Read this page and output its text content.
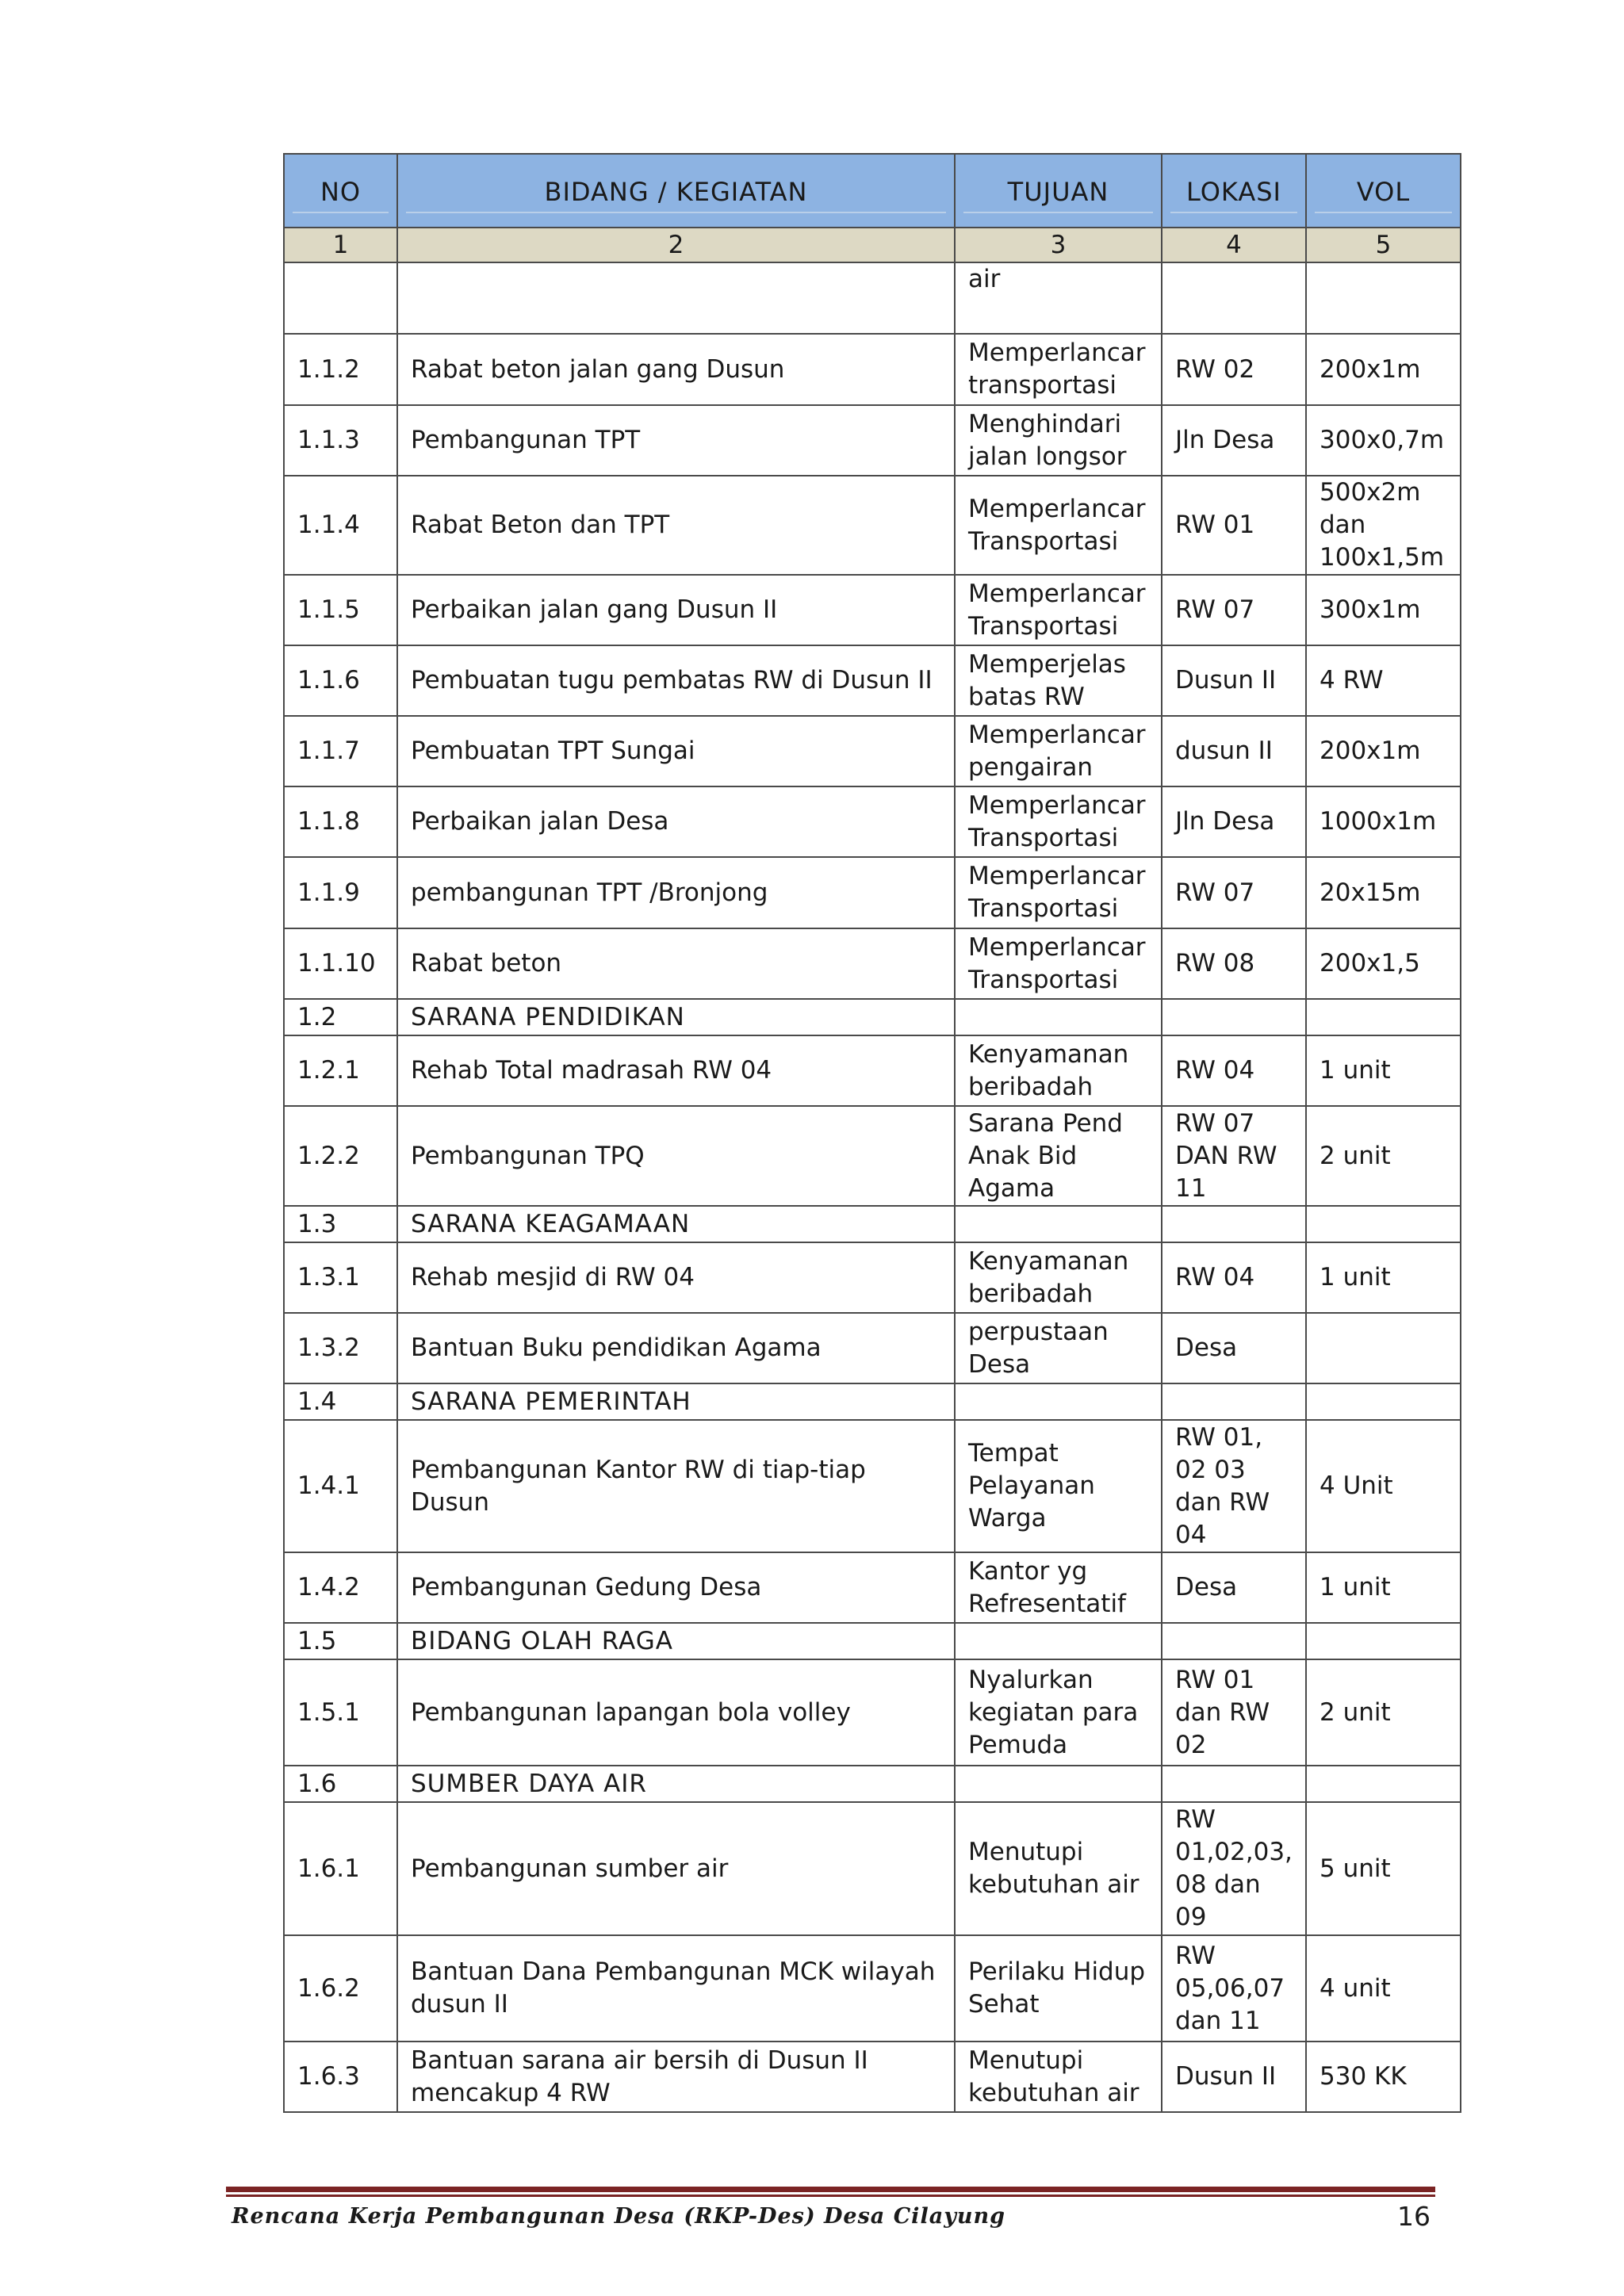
NO	BIDANG / KEGIATAN	TUJUAN	LOKASI	VOL

1	2	3	4	5
		air		
1.1.2	Rabat beton jalan gang Dusun	Memperlancar transportasi	RW 02	200x1m
1.1.3	Pembangunan TPT	Menghindari jalan longsor	Jln Desa	300x0,7m
1.1.4	Rabat Beton dan TPT	Memperlancar Transportasi	RW 01	500x2m dan 100x1,5m
1.1.5	Perbaikan jalan gang Dusun II	Memperlancar Transportasi	RW 07	300x1m
1.1.6	Pembuatan tugu pembatas RW di Dusun II	Memperjelas batas RW	Dusun II	4 RW
1.1.7	Pembuatan TPT Sungai	Memperlancar pengairan	dusun II	200x1m
1.1.8	Perbaikan jalan Desa	Memperlancar Transportasi	Jln Desa	1000x1m
1.1.9	pembangunan TPT /Bronjong	Memperlancar Transportasi	RW 07	20x15m
1.1.10	Rabat beton	Memperlancar Transportasi	RW 08	200x1,5
1.2	SARANA PENDIDIKAN			
1.2.1	Rehab Total madrasah RW 04	Kenyamanan beribadah	RW 04	1 unit
1.2.2	Pembangunan TPQ	Sarana Pend Anak Bid Agama	RW 07 DAN RW 11	2 unit
1.3	SARANA KEAGAMAAN			
1.3.1	Rehab mesjid di RW 04	Kenyamanan beribadah	RW 04	1 unit
1.3.2	Bantuan Buku pendidikan Agama	perpustaan Desa	Desa	
1.4	SARANA PEMERINTAH			
1.4.1	Pembangunan Kantor RW di tiap-tiap Dusun	Tempat Pelayanan Warga	RW 01, 02 03 dan RW 04	4 Unit
1.4.2	Pembangunan Gedung Desa	Kantor yg Refresentatif	Desa	1 unit
1.5	BIDANG OLAH RAGA			
1.5.1	Pembangunan lapangan bola volley	Nyalurkan kegiatan para Pemuda	RW 01 dan RW 02	2 unit
1.6	SUMBER DAYA AIR			
1.6.1	Pembangunan sumber air	Menutupi kebutuhan air	RW 01,02,03, 08 dan 09	5 unit
1.6.2	Bantuan Dana Pembangunan MCK wilayah dusun II	Perilaku Hidup Sehat	RW 05,06,07 dan 11	4 unit
1.6.3	Bantuan sarana air bersih di Dusun II mencakup 4 RW	Menutupi kebutuhan air	Dusun II	530 KK
Rencana Kerja Pembangunan Desa (RKP-Des) Desa Cilayung	16
